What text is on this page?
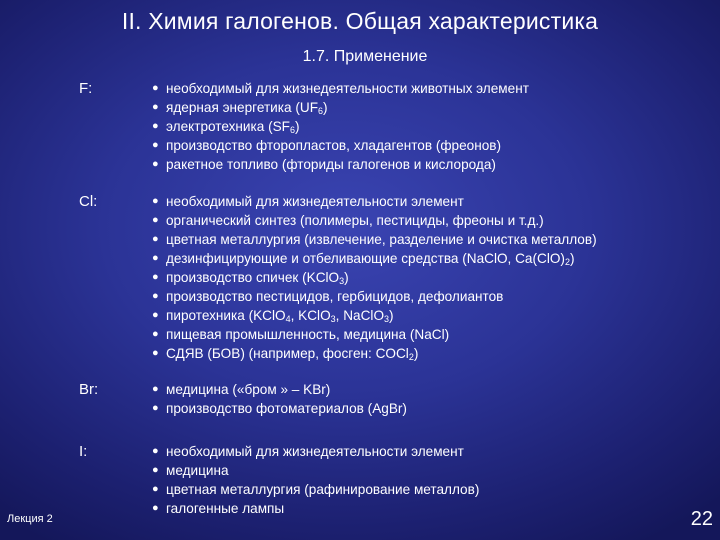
II. Химия галогенов. Общая характеристика
1.7. Применение
F:	● необходимый для жизнедеятельности животных элемент
● ядерная энергетика $(UF_6)$
● электротехника $(SF_6)$
● производство фторопластов, хладагентов (фреонов)
● ракетное топливо (фториды галогенов и кислорода)
Cl:	● необходимый для жизнедеятельности элемент
● органический синтез (полимеры, пестициды, фреоны и т.д.)
● цветная металлургия (извлечение, разделение и очистка металлов)
● дезинфицирующие и отбеливающие средства (NaClO, $Ca(ClO)_2$)
● производство спичек (KClO$_3$)
● производство пестицидов, гербицидов, дефолиантов
● пиротехника (KClO$_4$, KClO$_3$, NaClO$_3$)
● пищевая промышленность, медицина (NaCl)
● СДЯВ (БОВ) (например, фосген: COCl$_2$)
Br:	● медицина («бром » – KBr)
● производство фотоматериалов (AgBr)
I:	● необходимый для жизнедеятельности элемент
● медицина
● цветная металлургия (рафинирование металлов)
● галогенные лампы
Лекция 2	22
